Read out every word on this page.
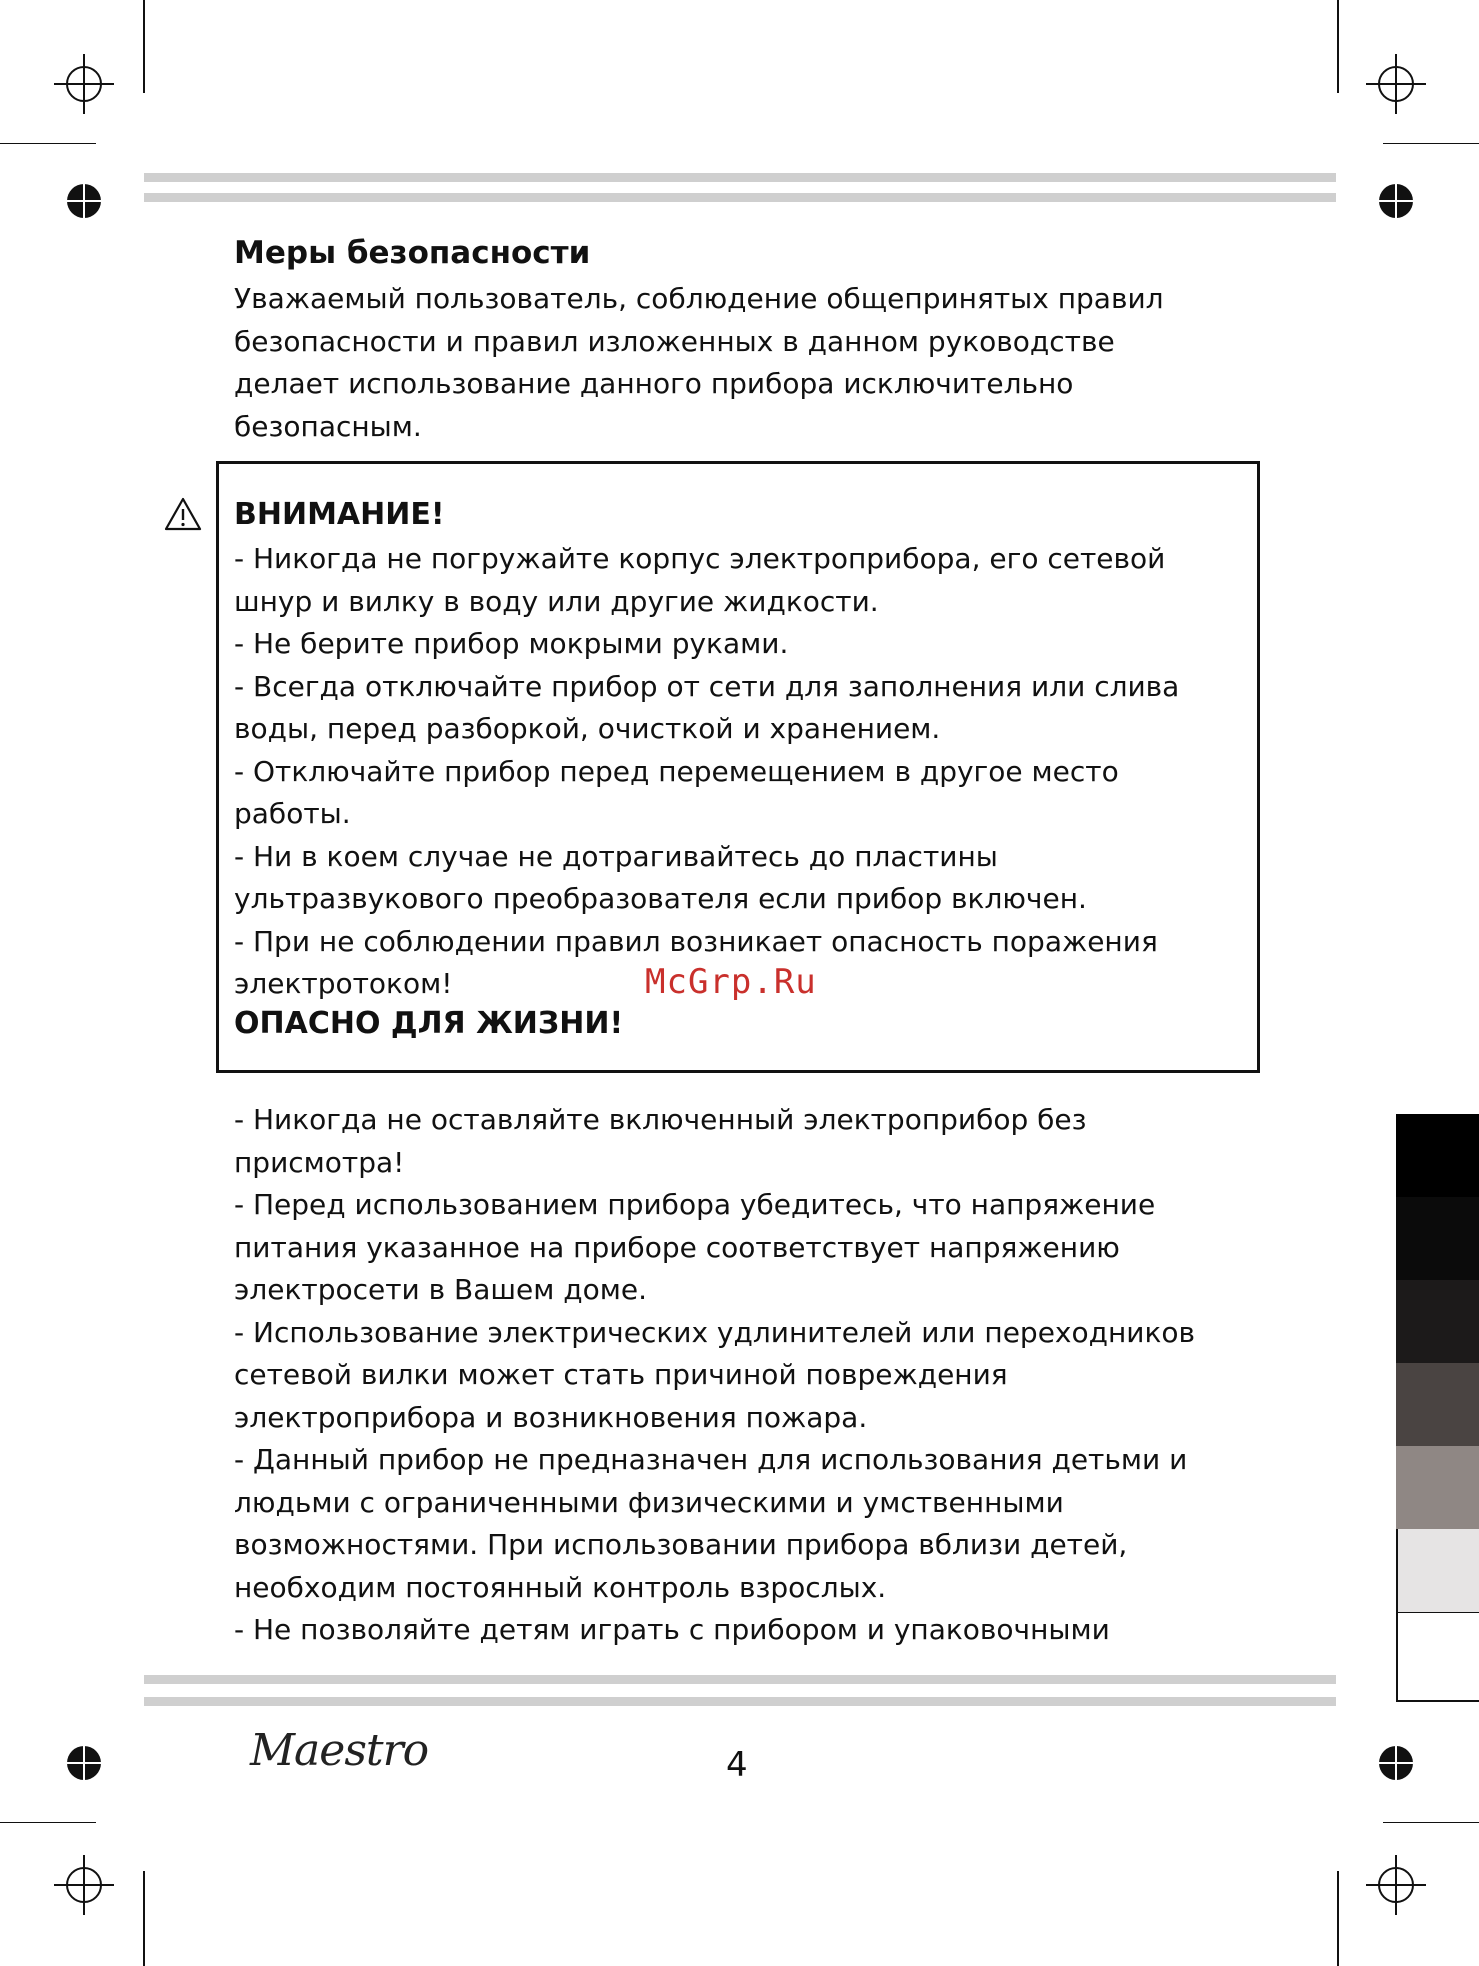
Меры безопасности

Уважаемый пользователь, соблюдение общепринятых правил

безопасности и правил изложенных в данном руководстве

делает использование данного прибора исключительно

безопасным.

ВНИМАНИЕ!

- Никогда не погружайте корпус электроприбора, его сетевой

шнур и вилку в воду или другие жидкости.

- Не берите прибор мокрыми руками.

- Всегда отключайте прибор от сети для заполнения или слива

воды, перед разборкой, очисткой и хранением.

- Отключайте прибор перед перемещением в другое место

работы.

- Ни в коем случае не дотрагивайтесь до пластины

ультразвукового преобразователя если прибор включен.

- При не соблюдении правил возникает опасность поражения

электротоком!	McGrp.Ru
ОПАСНО ДЛЯ ЖИЗНИ!

- Никогда не оставляйте включенный электроприбор без

присмотра!

- Перед использованием прибора убедитесь, что напряжение

питания указанное на приборе соответствует напряжению

электросети в Вашем доме.

- Использование электрических удлинителей или переходников

сетевой вилки может стать причиной повреждения

электроприбора и возникновения пожара.

- Данный прибор не предназначен для использования детьми и

людьми с ограниченными физическими и умственными

возможностями. При использовании прибора вблизи детей,

необходим постоянный контроль взрослых.

- Не позволяйте детям играть с прибором и упаковочными

Maestro	4
